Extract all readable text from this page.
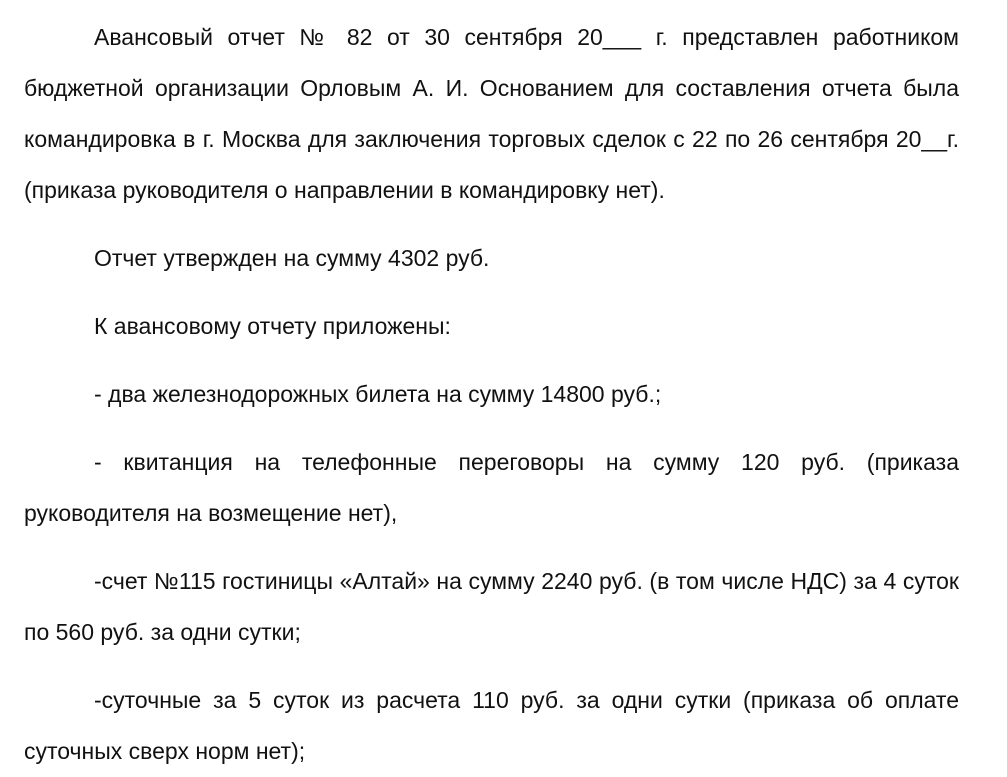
Авансовый отчет № 82 от 30 сентября 20___ г. представлен работником бюджетной организации Орловым А. И. Основанием для составления отчета была командировка в г. Москва для заключения торговых сделок с 22 по 26 сентября 20__г. (приказа руководителя о направлении в командировку нет).

Отчет утвержден на сумму 4302 руб.

К авансовому отчету приложены:

- два железнодорожных билета на сумму 14800 руб.;

- квитанция на телефонные переговоры на сумму 120 руб. (приказа руководителя на возмещение нет),

-счет №115 гостиницы «Алтай» на сумму 2240 руб. (в том числе НДС) за 4 суток по 560 руб. за одни сутки;

-суточные за 5 суток из расчета 110 руб. за одни сутки (приказа об оплате суточных сверх норм нет);
